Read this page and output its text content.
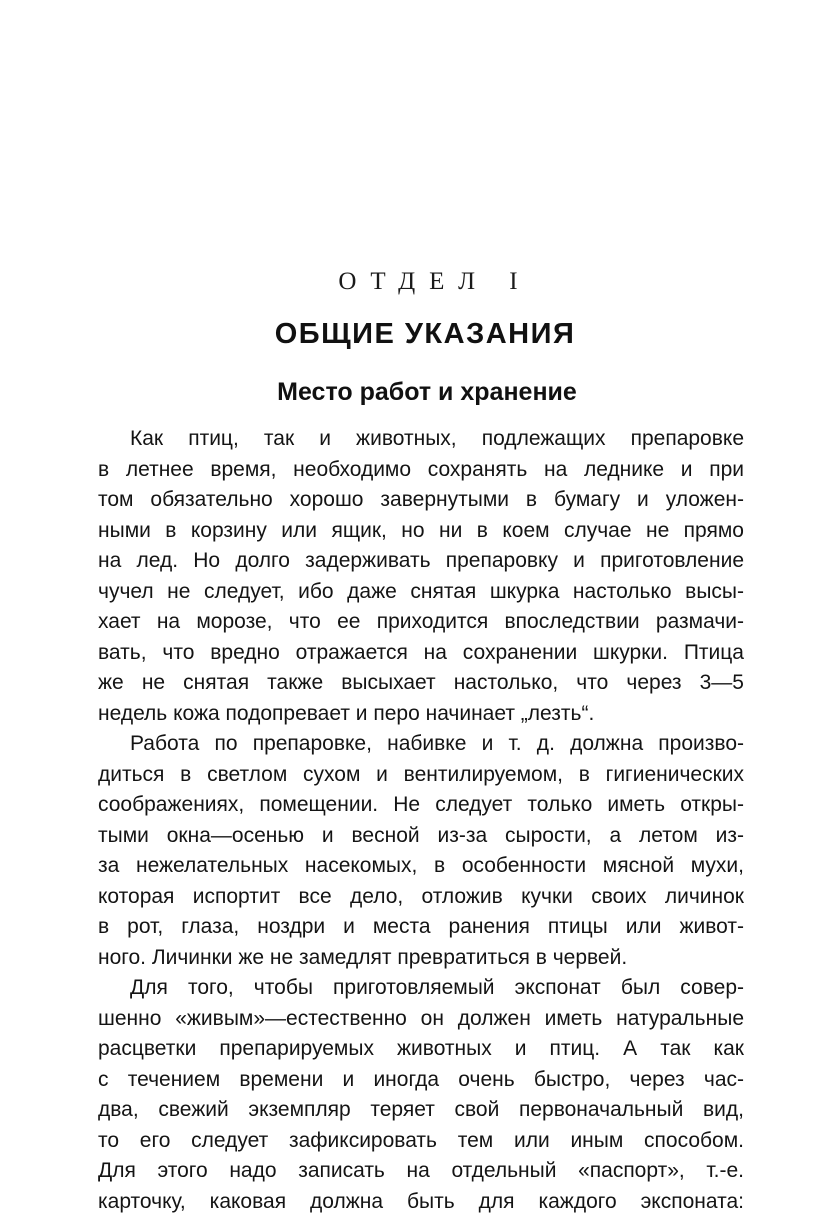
ОТДЕЛ I
ОБЩИЕ УКАЗАНИЯ
Место работ и хранение
Как птиц, так и животных, подлежащих препаровке
в летнее время, необходимо сохранять на леднике и при
том обязательно хорошо завернутыми в бумагу и уложен-
ными в корзину или ящик, но ни в коем случае не прямо
на лед. Но долго задерживать препаровку и приготовление
чучел не следует, ибо даже снятая шкурка настолько высы-
хает на морозе, что ее приходится впоследствии размачи-
вать, что вредно отражается на сохранении шкурки. Птица
же не снятая также высыхает настолько, что через 3—5
недель кожа подопревает и перо начинает „лезть“.
Работа по препаровке, набивке и т. д. должна произво-
диться в светлом сухом и вентилируемом, в гигиенических
соображениях, помещении. Не следует только иметь откры-
тыми окна—осенью и весной из-за сырости, а летом из-
за нежелательных насекомых, в особенности мясной мухи,
которая испортит все дело, отложив кучки своих личинок
в рот, глаза, ноздри и места ранения птицы или живот-
ного. Личинки же не замедлят превратиться в червей.
Для того, чтобы приготовляемый экспонат был совер-
шенно «живым»—естественно он должен иметь натуральные
расцветки препарируемых животных и птиц. А так как
с течением времени и иногда очень быстро, через час-
два, свежий экземпляр теряет свой первоначальный вид,
то его следует зафиксировать тем или иным способом.
Для этого надо записать на отдельный «паспорт», т.-е.
карточку, каковая должна быть для каждого экспоната:
